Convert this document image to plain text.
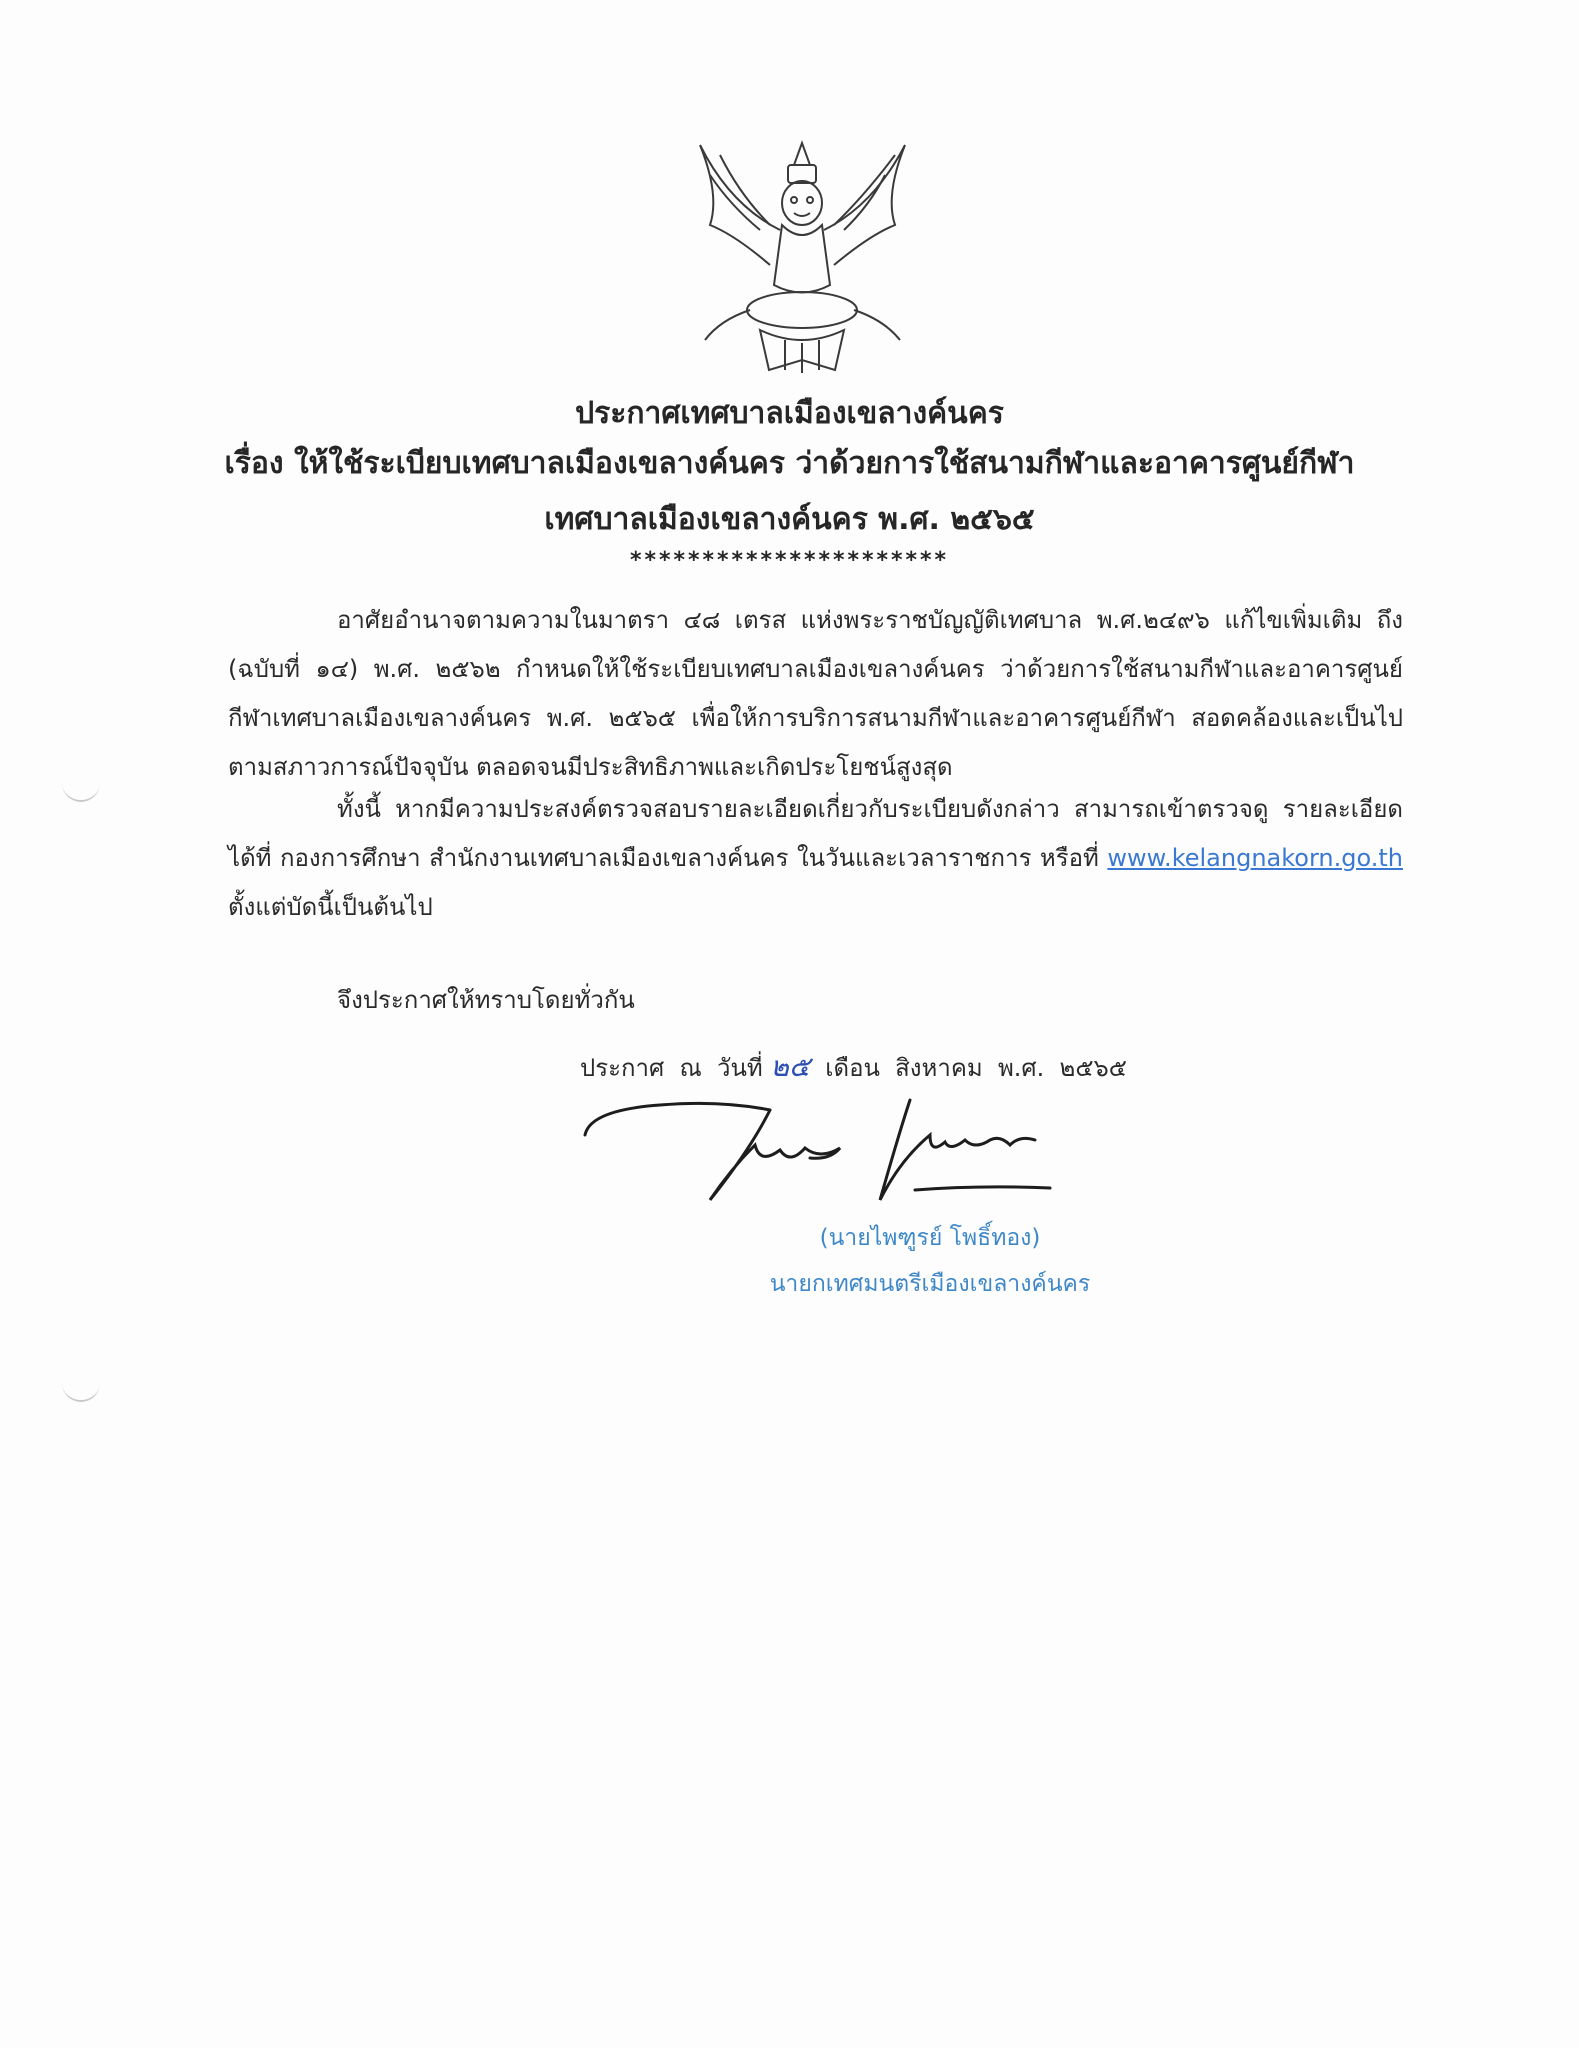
ประกาศเทศบาลเมืองเขลางค์นคร
เรื่อง ให้ใช้ระเบียบเทศบาลเมืองเขลางค์นคร ว่าด้วยการใช้สนามกีฬาและอาคารศูนย์กีฬา
เทศบาลเมืองเขลางค์นคร พ.ศ. ๒๕๖๕
**********************
อาศัยอำนาจตามความในมาตรา ๔๘ เตรส แห่งพระราชบัญญัติเทศบาล พ.ศ.๒๔๙๖ แก้ไขเพิ่มเติม ถึง (ฉบับที่ ๑๔) พ.ศ. ๒๕๖๒ กำหนดให้ใช้ระเบียบเทศบาลเมืองเขลางค์นคร ว่าด้วยการใช้สนามกีฬาและอาคารศูนย์กีฬาเทศบาลเมืองเขลางค์นคร พ.ศ. ๒๕๖๕ เพื่อให้การบริการสนามกีฬาและอาคารศูนย์กีฬา สอดคล้องและเป็นไปตามสภาวการณ์ปัจจุบัน ตลอดจนมีประสิทธิภาพและเกิดประโยชน์สูงสุด
ทั้งนี้ หากมีความประสงค์ตรวจสอบรายละเอียดเกี่ยวกับระเบียบดังกล่าว สามารถเข้าตรวจดู รายละเอียดได้ที่ กองการศึกษา สำนักงานเทศบาลเมืองเขลางค์นคร ในวันและเวลาราชการ หรือที่ www.kelangnakorn.go.th ตั้งแต่บัดนี้เป็นต้นไป
จึงประกาศให้ทราบโดยทั่วกัน
ประกาศ  ณ  วันที่ ๒๕  เดือน  สิงหาคม  พ.ศ.  ๒๕๖๕
(นายไพฑูรย์ โพธิ์ทอง)
นายกเทศมนตรีเมืองเขลางค์นคร
